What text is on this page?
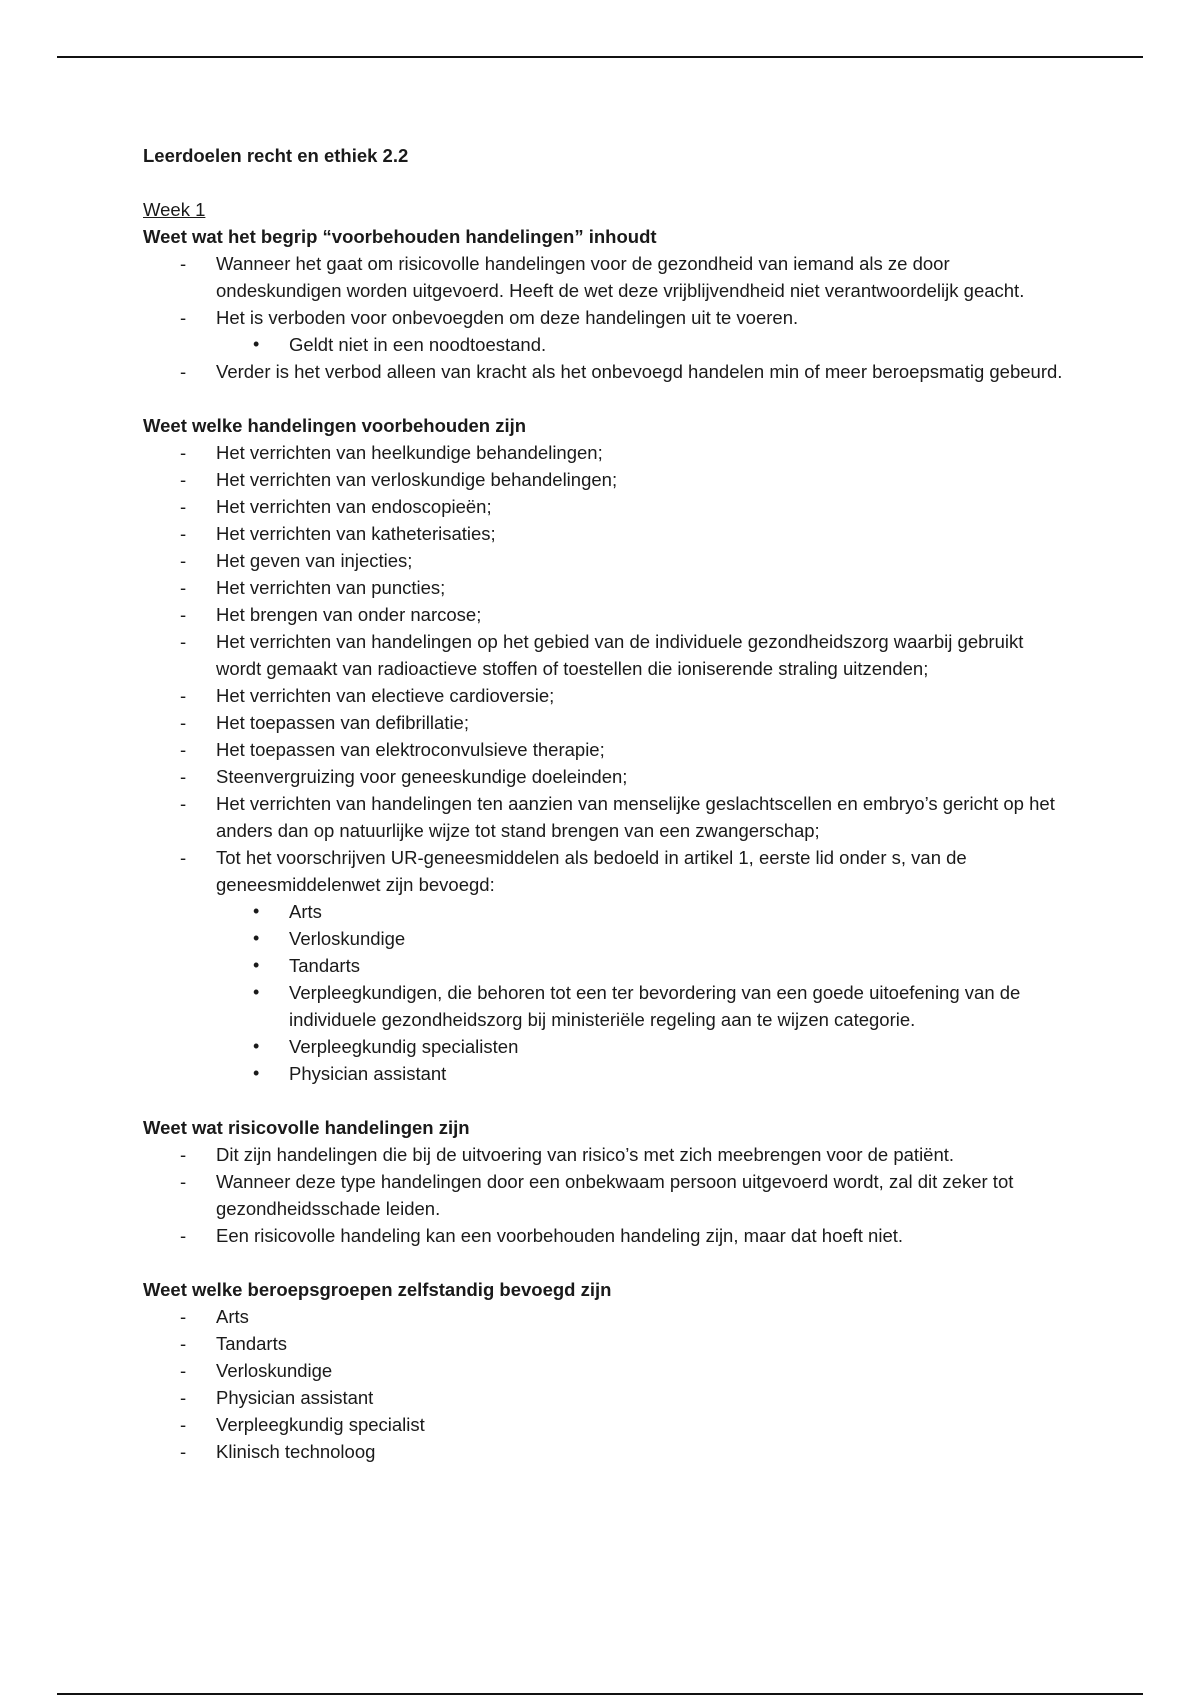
Leerdoelen recht en ethiek 2.2

Week 1

Weet wat het begrip “voorbehouden handelingen” inhoudt

- Wanneer het gaat om risicovolle handelingen voor de gezondheid van iemand als ze door ondeskundigen worden uitgevoerd. Heeft de wet deze vrijblijvendheid niet verantwoordelijk geacht.
- Het is verboden voor onbevoegden om deze handelingen uit te voeren.
• Geldt niet in een noodtoestand.
- Verder is het verbod alleen van kracht als het onbevoegd handelen min of meer beroepsmatig gebeurd.

Weet welke handelingen voorbehouden zijn

- Het verrichten van heelkundige behandelingen;
- Het verrichten van verloskundige behandelingen;
- Het verrichten van endoscopieën;
- Het verrichten van katheterisaties;
- Het geven van injecties;
- Het verrichten van puncties;
- Het brengen van onder narcose;
- Het verrichten van handelingen op het gebied van de individuele gezondheidszorg waarbij gebruikt wordt gemaakt van radioactieve stoffen of toestellen die ioniserende straling uitzenden;
- Het verrichten van electieve cardioversie;
- Het toepassen van defibrillatie;
- Het toepassen van elektroconvulsieve therapie;
- Steenvergruizing voor geneeskundige doeleinden;
- Het verrichten van handelingen ten aanzien van menselijke geslachtscellen en embryo’s gericht op het anders dan op natuurlijke wijze tot stand brengen van een zwangerschap;
- Tot het voorschrijven UR-geneesmiddelen als bedoeld in artikel 1, eerste lid onder s, van de geneesmiddelenwet zijn bevoegd:
• Arts
• Verloskundige
• Tandarts
• Verpleegkundigen, die behoren tot een ter bevordering van een goede uitoefening van de individuele gezondheidszorg bij ministeriële regeling aan te wijzen categorie.
• Verpleegkundig specialisten
• Physician assistant

Weet wat risicovolle handelingen zijn

- Dit zijn handelingen die bij de uitvoering van risico’s met zich meebrengen voor de patiënt.
- Wanneer deze type handelingen door een onbekwaam persoon uitgevoerd wordt, zal dit zeker tot gezondheidsschade leiden.
- Een risicovolle handeling kan een voorbehouden handeling zijn, maar dat hoeft niet.

Weet welke beroepsgroepen zelfstandig bevoegd zijn

- Arts
- Tandarts
- Verloskundige
- Physician assistant
- Verpleegkundig specialist
- Klinisch technoloog
